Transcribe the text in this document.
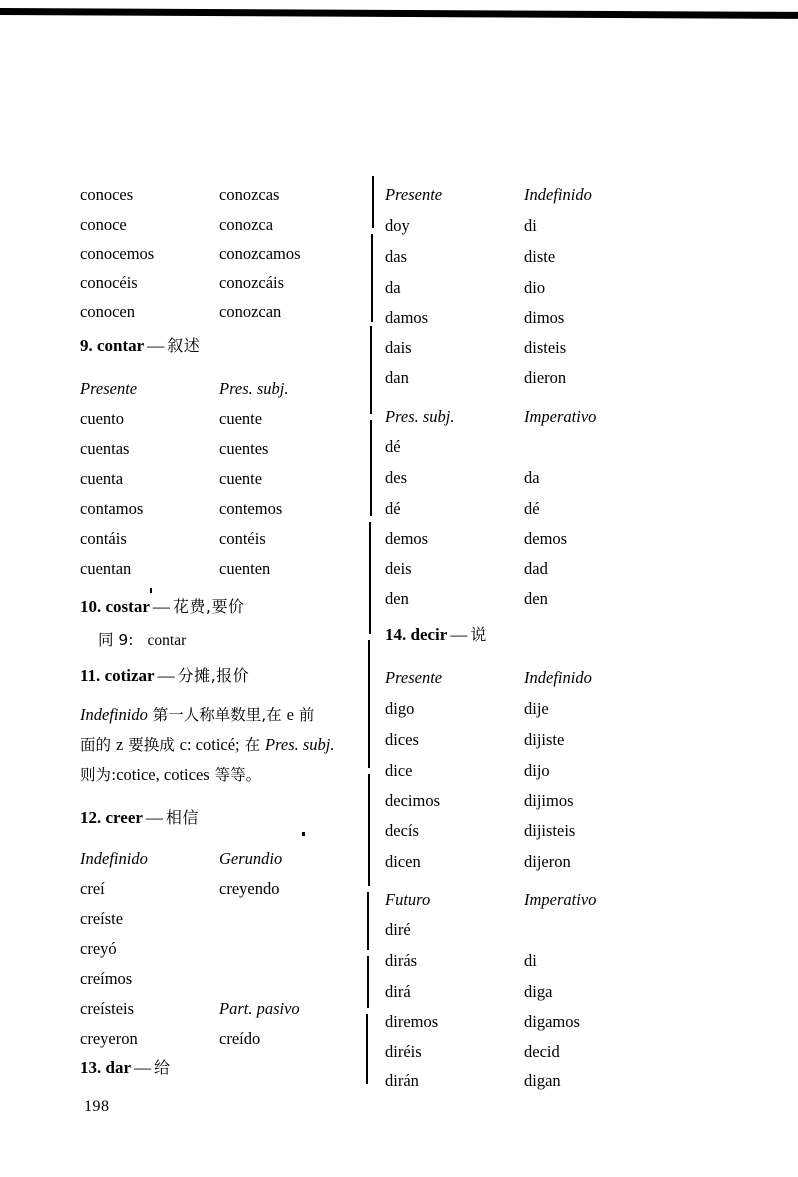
conoces	conozcas
conoce	conozca
conocemos	conozcamos
conocéis	conozcáis
conocen	conozcan
9. contar — 叙述
Presente	Pres. subj.
cuento	cuente
cuentas	cuentes
cuenta	cuente
contamos	contemos
contáis	contéis
cuentan	cuenten
10. costar — 花费,要价
同 9: contar
11. cotizar — 分摊,报价
Indefinido 第一人称单数里,在 e 前
面的 z 要换成 c: coticé; 在 Pres. subj.
则为:cotice, cotices 等等。
12. creer — 相信
Indefinido	Gerundio
creí	creyendo
creíste
creyó
creímos
creísteis	Part. pasivo
creyeron	creído
13. dar — 给
Presente	Indefinido
doy	di
das	diste
da	dio
damos	dimos
dais	disteis
dan	dieron
Pres. subj.	Imperativo
dé
des	da
dé	dé
demos	demos
deis	dad
den	den
14. decir — 说
Presente	Indefinido
digo	dije
dices	dijiste
dice	dijo
decimos	dijimos
decís	dijisteis
dicen	dijeron
Futuro	Imperativo
diré
dirás	di
dirá	diga
diremos	digamos
diréis	decid
dirán	digan
198
